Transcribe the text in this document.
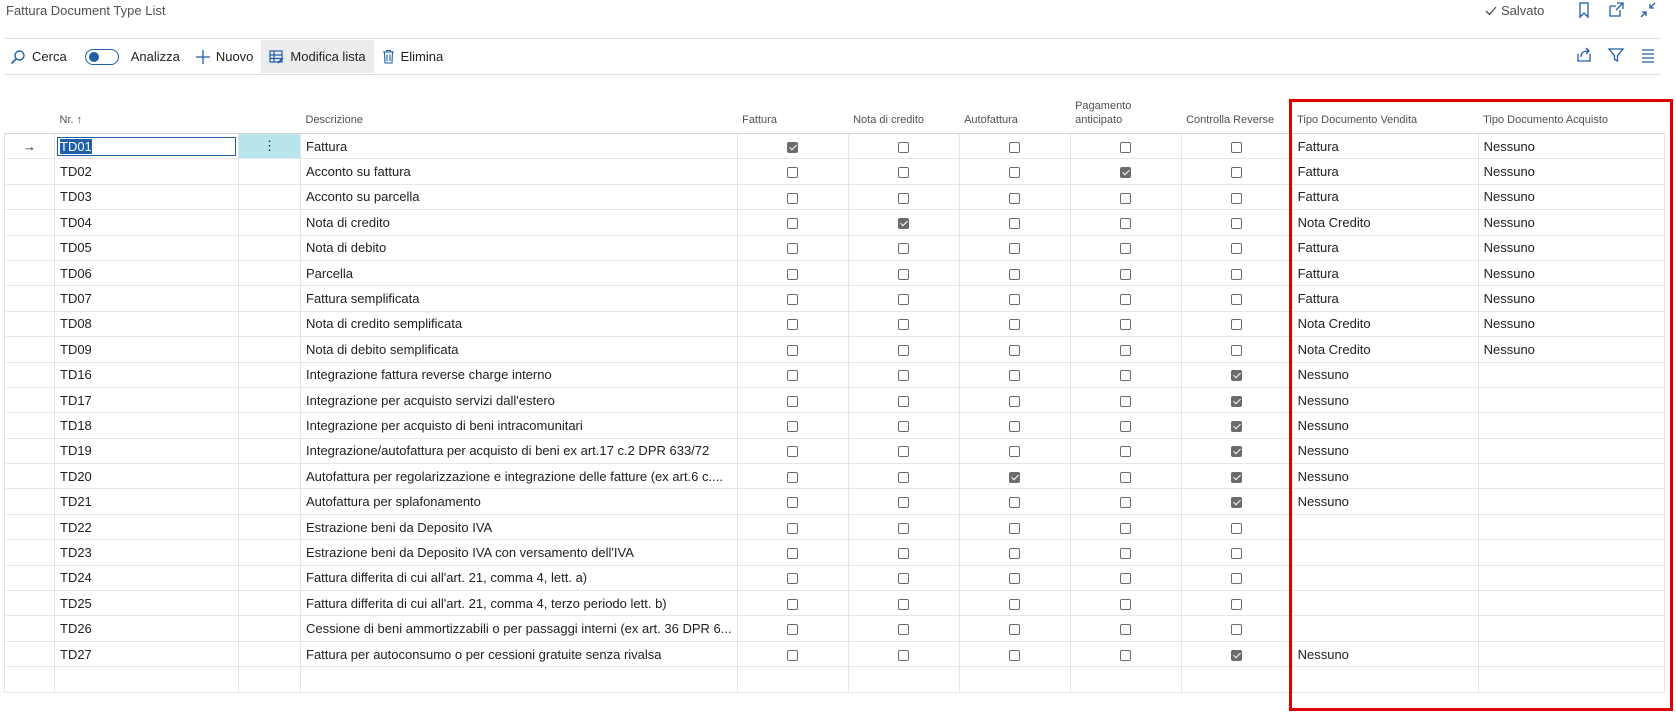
Fattura Document Type List	Salvato
Cerca	Analizza	Nuovo	Modifica lista	Elimina
	Nr. ↑		Descrizione	Fattura	Nota di credito	Autofattura	Pagamento
anticipato	Controlla Reverse	Tipo Documento Vendita	Tipo Documento Acquisto
→	TD01	⋮	Fattura						Fattura	Nessuno
	TD02		Acconto su fattura						Fattura	Nessuno
	TD03		Acconto su parcella						Fattura	Nessuno
	TD04		Nota di credito						Nota Credito	Nessuno
	TD05		Nota di debito						Fattura	Nessuno
	TD06		Parcella						Fattura	Nessuno
	TD07		Fattura semplificata						Fattura	Nessuno
	TD08		Nota di credito semplificata						Nota Credito	Nessuno
	TD09		Nota di debito semplificata						Nota Credito	Nessuno
	TD16		Integrazione fattura reverse charge interno						Nessuno	
	TD17		Integrazione per acquisto servizi dall'estero						Nessuno	
	TD18		Integrazione per acquisto di beni intracomunitari						Nessuno	
	TD19		Integrazione/autofattura per acquisto di beni ex art.17 c.2 DPR 633/72						Nessuno	
	TD20		Autofattura per regolarizzazione e integrazione delle fatture (ex art.6 c....						Nessuno	
	TD21		Autofattura per splafonamento						Nessuno	
	TD22		Estrazione beni da Deposito IVA							
	TD23		Estrazione beni da Deposito IVA con versamento dell'IVA							
	TD24		Fattura differita di cui all'art. 21, comma 4, lett. a)							
	TD25		Fattura differita di cui all'art. 21, comma 4, terzo periodo lett. b)							
	TD26		Cessione di beni ammortizzabili o per passaggi interni (ex art. 36 DPR 6...							
	TD27		Fattura per autoconsumo o per cessioni gratuite senza rivalsa						Nessuno	
